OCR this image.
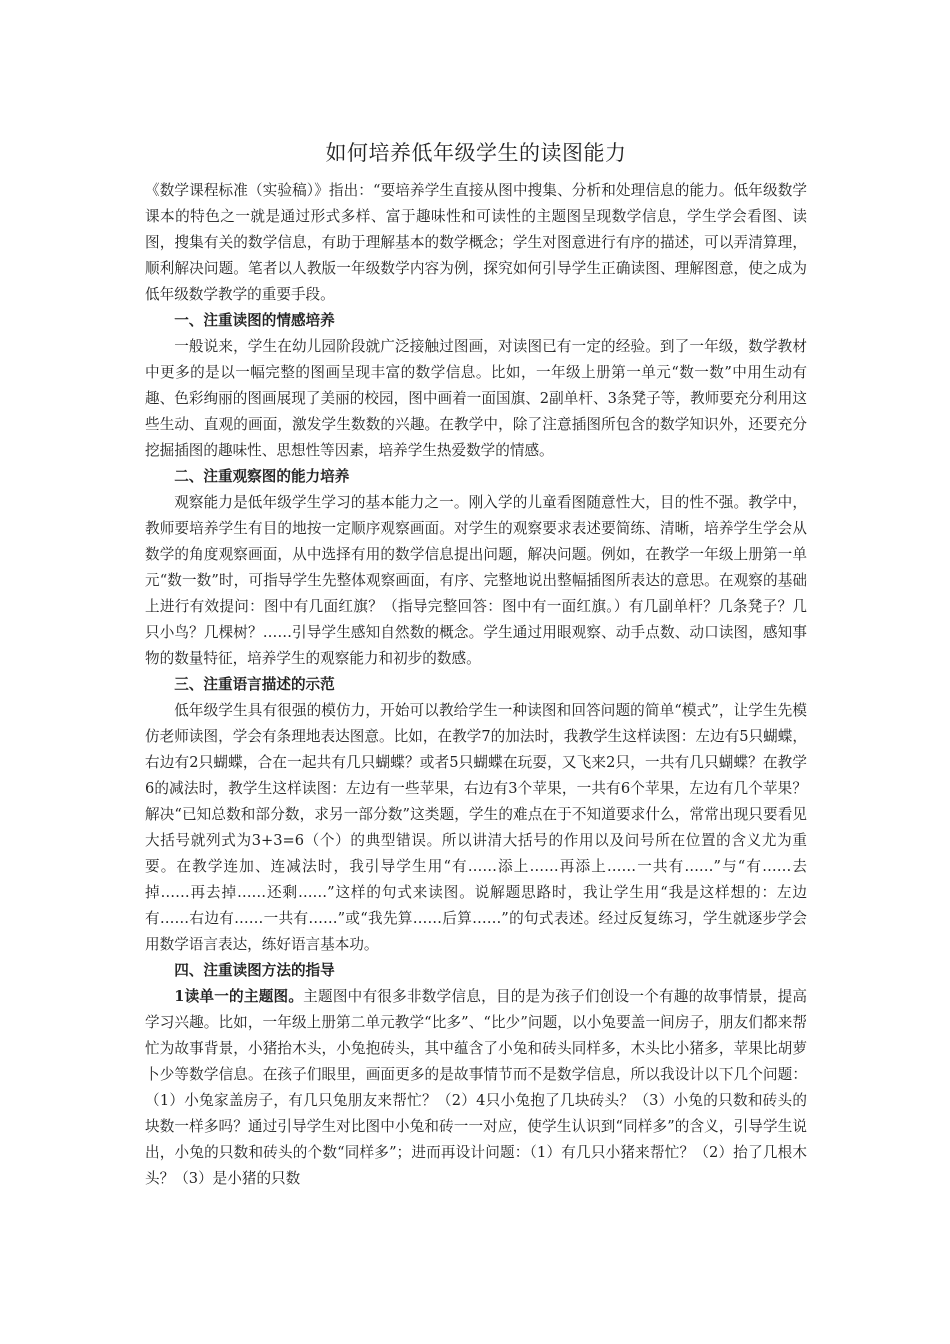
如何培养低年级学生的读图能力

《数学课程标准（实验稿）》指出：“要培养学生直接从图中搜集、分析和处理信息的能力。低年级数学课本的特色之一就是通过形式多样、富于趣味性和可读性的主题图呈现数学信息，学生学会看图、读图，搜集有关的数学信息，有助于理解基本的数学概念；学生对图意进行有序的描述，可以弄清算理，顺利解决问题。笔者以人教版一年级数学内容为例，探究如何引导学生正确读图、理解图意，使之成为低年级数学教学的重要手段。

一、注重读图的情感培养

一般说来，学生在幼儿园阶段就广泛接触过图画，对读图已有一定的经验。到了一年级，数学教材中更多的是以一幅完整的图画呈现丰富的数学信息。比如，一年级上册第一单元“数一数”中用生动有趣、色彩绚丽的图画展现了美丽的校园，图中画着一面国旗、2副单杆、3条凳子等，教师要充分利用这些生动、直观的画面，激发学生数数的兴趣。在教学中，除了注意插图所包含的数学知识外，还要充分挖掘插图的趣味性、思想性等因素，培养学生热爱数学的情感。

二、注重观察图的能力培养

观察能力是低年级学生学习的基本能力之一。刚入学的儿童看图随意性大，目的性不强。教学中，教师要培养学生有目的地按一定顺序观察画面。对学生的观察要求表述要简练、清晰，培养学生学会从数学的角度观察画面，从中选择有用的数学信息提出问题，解决问题。例如，在教学一年级上册第一单元“数一数”时，可指导学生先整体观察画面，有序、完整地说出整幅插图所表达的意思。在观察的基础上进行有效提问：图中有几面红旗？（指导完整回答：图中有一面红旗。）有几副单杆？几条凳子？几只小鸟？几棵树？……引导学生感知自然数的概念。学生通过用眼观察、动手点数、动口读图，感知事物的数量特征，培养学生的观察能力和初步的数感。

三、注重语言描述的示范

低年级学生具有很强的模仿力，开始可以教给学生一种读图和回答问题的简单“模式”，让学生先模仿老师读图，学会有条理地表达图意。比如，在教学7的加法时，我教学生这样读图：左边有5只蝴蝶，右边有2只蝴蝶，合在一起共有几只蝴蝶？或者5只蝴蝶在玩耍，又飞来2只，一共有几只蝴蝶？在教学6的减法时，教学生这样读图：左边有一些苹果，右边有3个苹果，一共有6个苹果，左边有几个苹果？解决“已知总数和部分数，求另一部分数”这类题，学生的难点在于不知道要求什么，常常出现只要看见大括号就列式为3+3=6（个）的典型错误。所以讲清大括号的作用以及问号所在位置的含义尤为重要。在教学连加、连减法时，我引导学生用“有……添上……再添上……一共有……”与“有……去掉……再去掉……还剩……”这样的句式来读图。说解题思路时，我让学生用“我是这样想的：左边有……右边有……一共有……”或“我先算……后算……”的句式表述。经过反复练习，学生就逐步学会用数学语言表达，练好语言基本功。

四、注重读图方法的指导

1读单一的主题图。主题图中有很多非数学信息，目的是为孩子们创设一个有趣的故事情景，提高学习兴趣。比如，一年级上册第二单元教学“比多”、“比少”问题，以小兔要盖一间房子，朋友们都来帮忙为故事背景，小猪抬木头，小兔抱砖头，其中蕴含了小兔和砖头同样多，木头比小猪多，苹果比胡萝卜少等数学信息。在孩子们眼里，画面更多的是故事情节而不是数学信息，所以我设计以下几个问题：（1）小兔家盖房子，有几只兔朋友来帮忙？（2）4只小兔抱了几块砖头？（3）小兔的只数和砖头的块数一样多吗？通过引导学生对比图中小兔和砖一一对应，使学生认识到“同样多”的含义，引导学生说出，小兔的只数和砖头的个数“同样多”；进而再设计问题：（1）有几只小猪来帮忙？（2）抬了几根木头？（3）是小猪的只数
